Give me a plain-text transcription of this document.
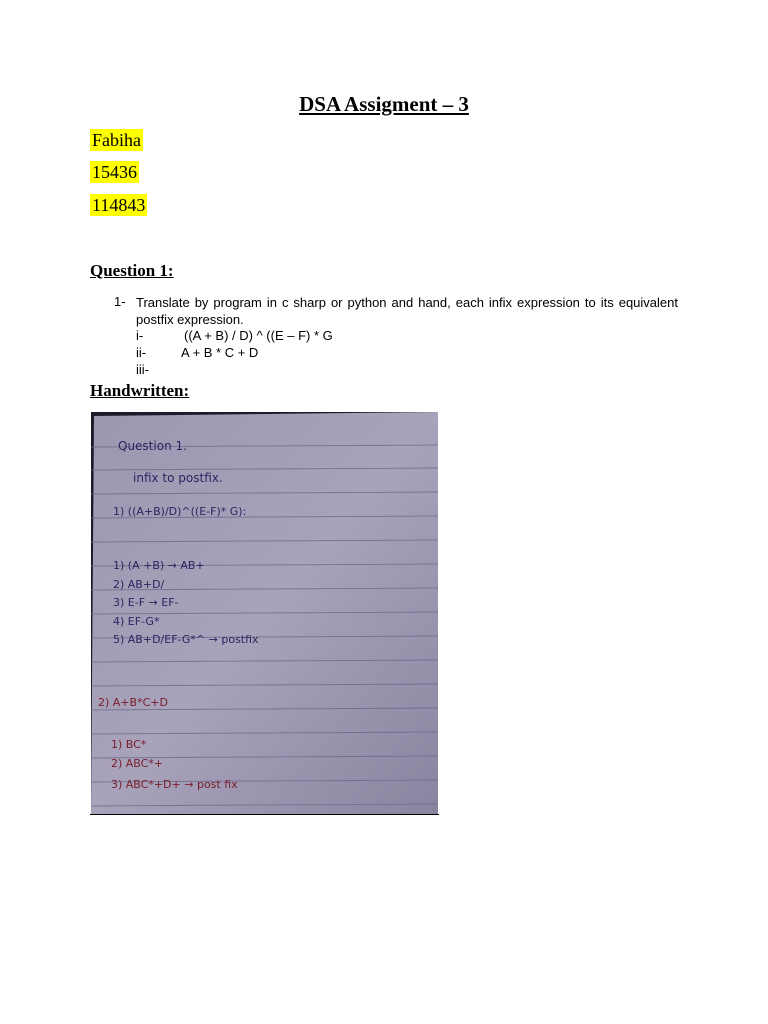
DSA Assigment – 3
Fabiha
15436
114843
Question 1:
1- Translate by program in c sharp or python and hand, each infix expression to its equivalent postfix expression.
i-	((A + B) / D) ^ ((E – F) * G
ii-	A + B * C + D
iii-
Handwritten:
Question 1.
infix to postfix.
1) ((A+B)/D)^((E-F)* G):
1) (A +B) → AB+
2) AB+D/
3) E-F → EF-
4) EF-G*
5) AB+D/EF-G*^ → postfix
2) A+B*C+D
1) BC*
2) ABC*+
3) ABC*+D+ → post fix
